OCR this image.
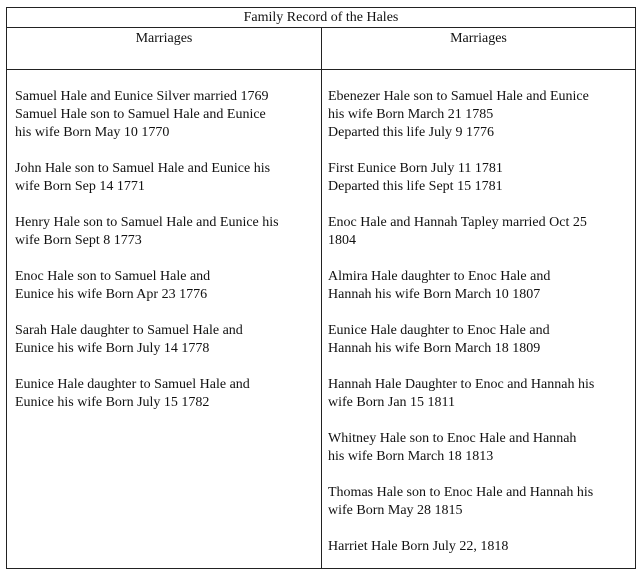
Family Record of the Hales
Marriages
Samuel Hale and Eunice Silver married 1769
Samuel Hale son to Samuel Hale and Eunice
his wife Born May 10 1770
John Hale son to Samuel Hale and Eunice his
wife Born Sep 14 1771
Henry Hale son to Samuel Hale and Eunice his
wife Born Sept 8 1773
Enoc Hale son to Samuel Hale and
Eunice his wife Born Apr 23 1776
Sarah Hale daughter to Samuel Hale and
Eunice his wife Born July 14 1778
Eunice Hale daughter to Samuel Hale and
Eunice his wife Born July 15 1782
Marriages
Ebenezer Hale son to Samuel Hale and Eunice
his wife Born March 21 1785
Departed this life July 9 1776
First Eunice Born July 11 1781
Departed this life Sept 15 1781
Enoc Hale and Hannah Tapley married Oct 25
1804
Almira Hale daughter to Enoc Hale and
Hannah his wife Born March 10 1807
Eunice Hale daughter to Enoc Hale and
Hannah his wife Born March 18 1809
Hannah Hale Daughter to Enoc and Hannah his
wife Born Jan 15 1811
Whitney Hale son to Enoc Hale and Hannah
his wife Born March 18 1813
Thomas Hale son to Enoc Hale and Hannah his
wife Born May 28 1815
Harriet Hale Born July 22, 1818
